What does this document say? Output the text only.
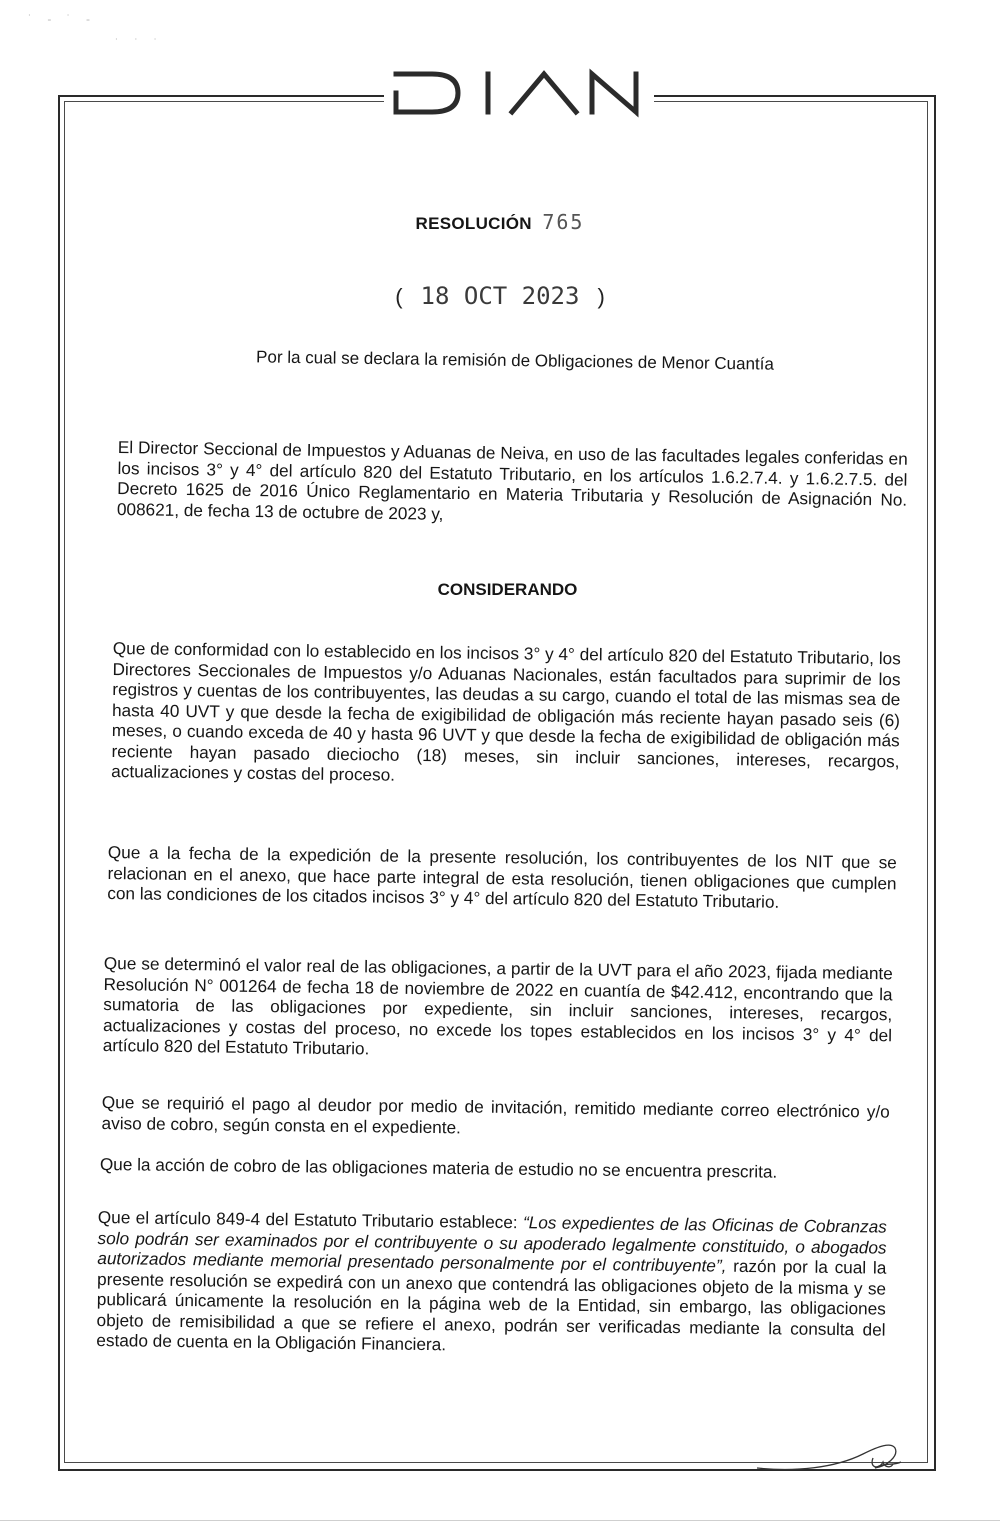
˙ ‐ ˙ ‐
˙ ˙ ˙
RESOLUCIÓN 765
( 18 OCT 2023 )
Por la cual se declara la remisión de Obligaciones de Menor Cuantía
El Director Seccional de Impuestos y Aduanas de Neiva, en uso de las facultades legales conferidas en los incisos 3° y 4° del artículo 820 del Estatuto Tributario, en los artículos 1.6.2.7.4. y 1.6.2.7.5. del Decreto 1625 de 2016 Único Reglamentario en Materia Tributaria y Resolución de Asignación No. 008621, de fecha 13 de octubre de 2023 y,
CONSIDERANDO
Que de conformidad con lo establecido en los incisos 3° y 4° del artículo 820 del Estatuto Tributario, los Directores Seccionales de Impuestos y/o Aduanas Nacionales, están facultados para suprimir de los registros y cuentas de los contribuyentes, las deudas a su cargo, cuando el total de las mismas sea de hasta 40 UVT y que desde la fecha de exigibilidad de obligación más reciente hayan pasado seis (6) meses, o cuando exceda de 40 y hasta 96 UVT y que desde la fecha de exigibilidad de obligación más reciente hayan pasado dieciocho (18) meses, sin incluir sanciones, intereses, recargos, actualizaciones y costas del proceso.
Que a la fecha de la expedición de la presente resolución, los contribuyentes de los NIT que se relacionan en el anexo, que hace parte integral de esta resolución, tienen obligaciones que cumplen con las condiciones de los citados incisos 3° y 4° del artículo 820 del Estatuto Tributario.
Que se determinó el valor real de las obligaciones, a partir de la UVT para el año 2023, fijada mediante Resolución N° 001264 de fecha 18 de noviembre de 2022 en cuantía de $42.412, encontrando que la sumatoria de las obligaciones por expediente, sin incluir sanciones, intereses, recargos, actualizaciones y costas del proceso, no excede los topes establecidos en los incisos 3° y 4° del artículo 820 del Estatuto Tributario.
Que se requirió el pago al deudor por medio de invitación, remitido mediante correo electrónico y/o aviso de cobro, según consta en el expediente.
Que la acción de cobro de las obligaciones materia de estudio no se encuentra prescrita.
Que el artículo 849-4 del Estatuto Tributario establece: “Los expedientes de las Oficinas de Cobranzas solo podrán ser examinados por el contribuyente o su apoderado legalmente constituido, o abogados autorizados mediante memorial presentado personalmente por el contribuyente”, razón por la cual la presente resolución se expedirá con un anexo que contendrá las obligaciones objeto de la misma y se publicará únicamente la resolución en la página web de la Entidad, sin embargo, las obligaciones objeto de remisibilidad a que se refiere el anexo, podrán ser verificadas mediante la consulta del estado de cuenta en la Obligación Financiera.
